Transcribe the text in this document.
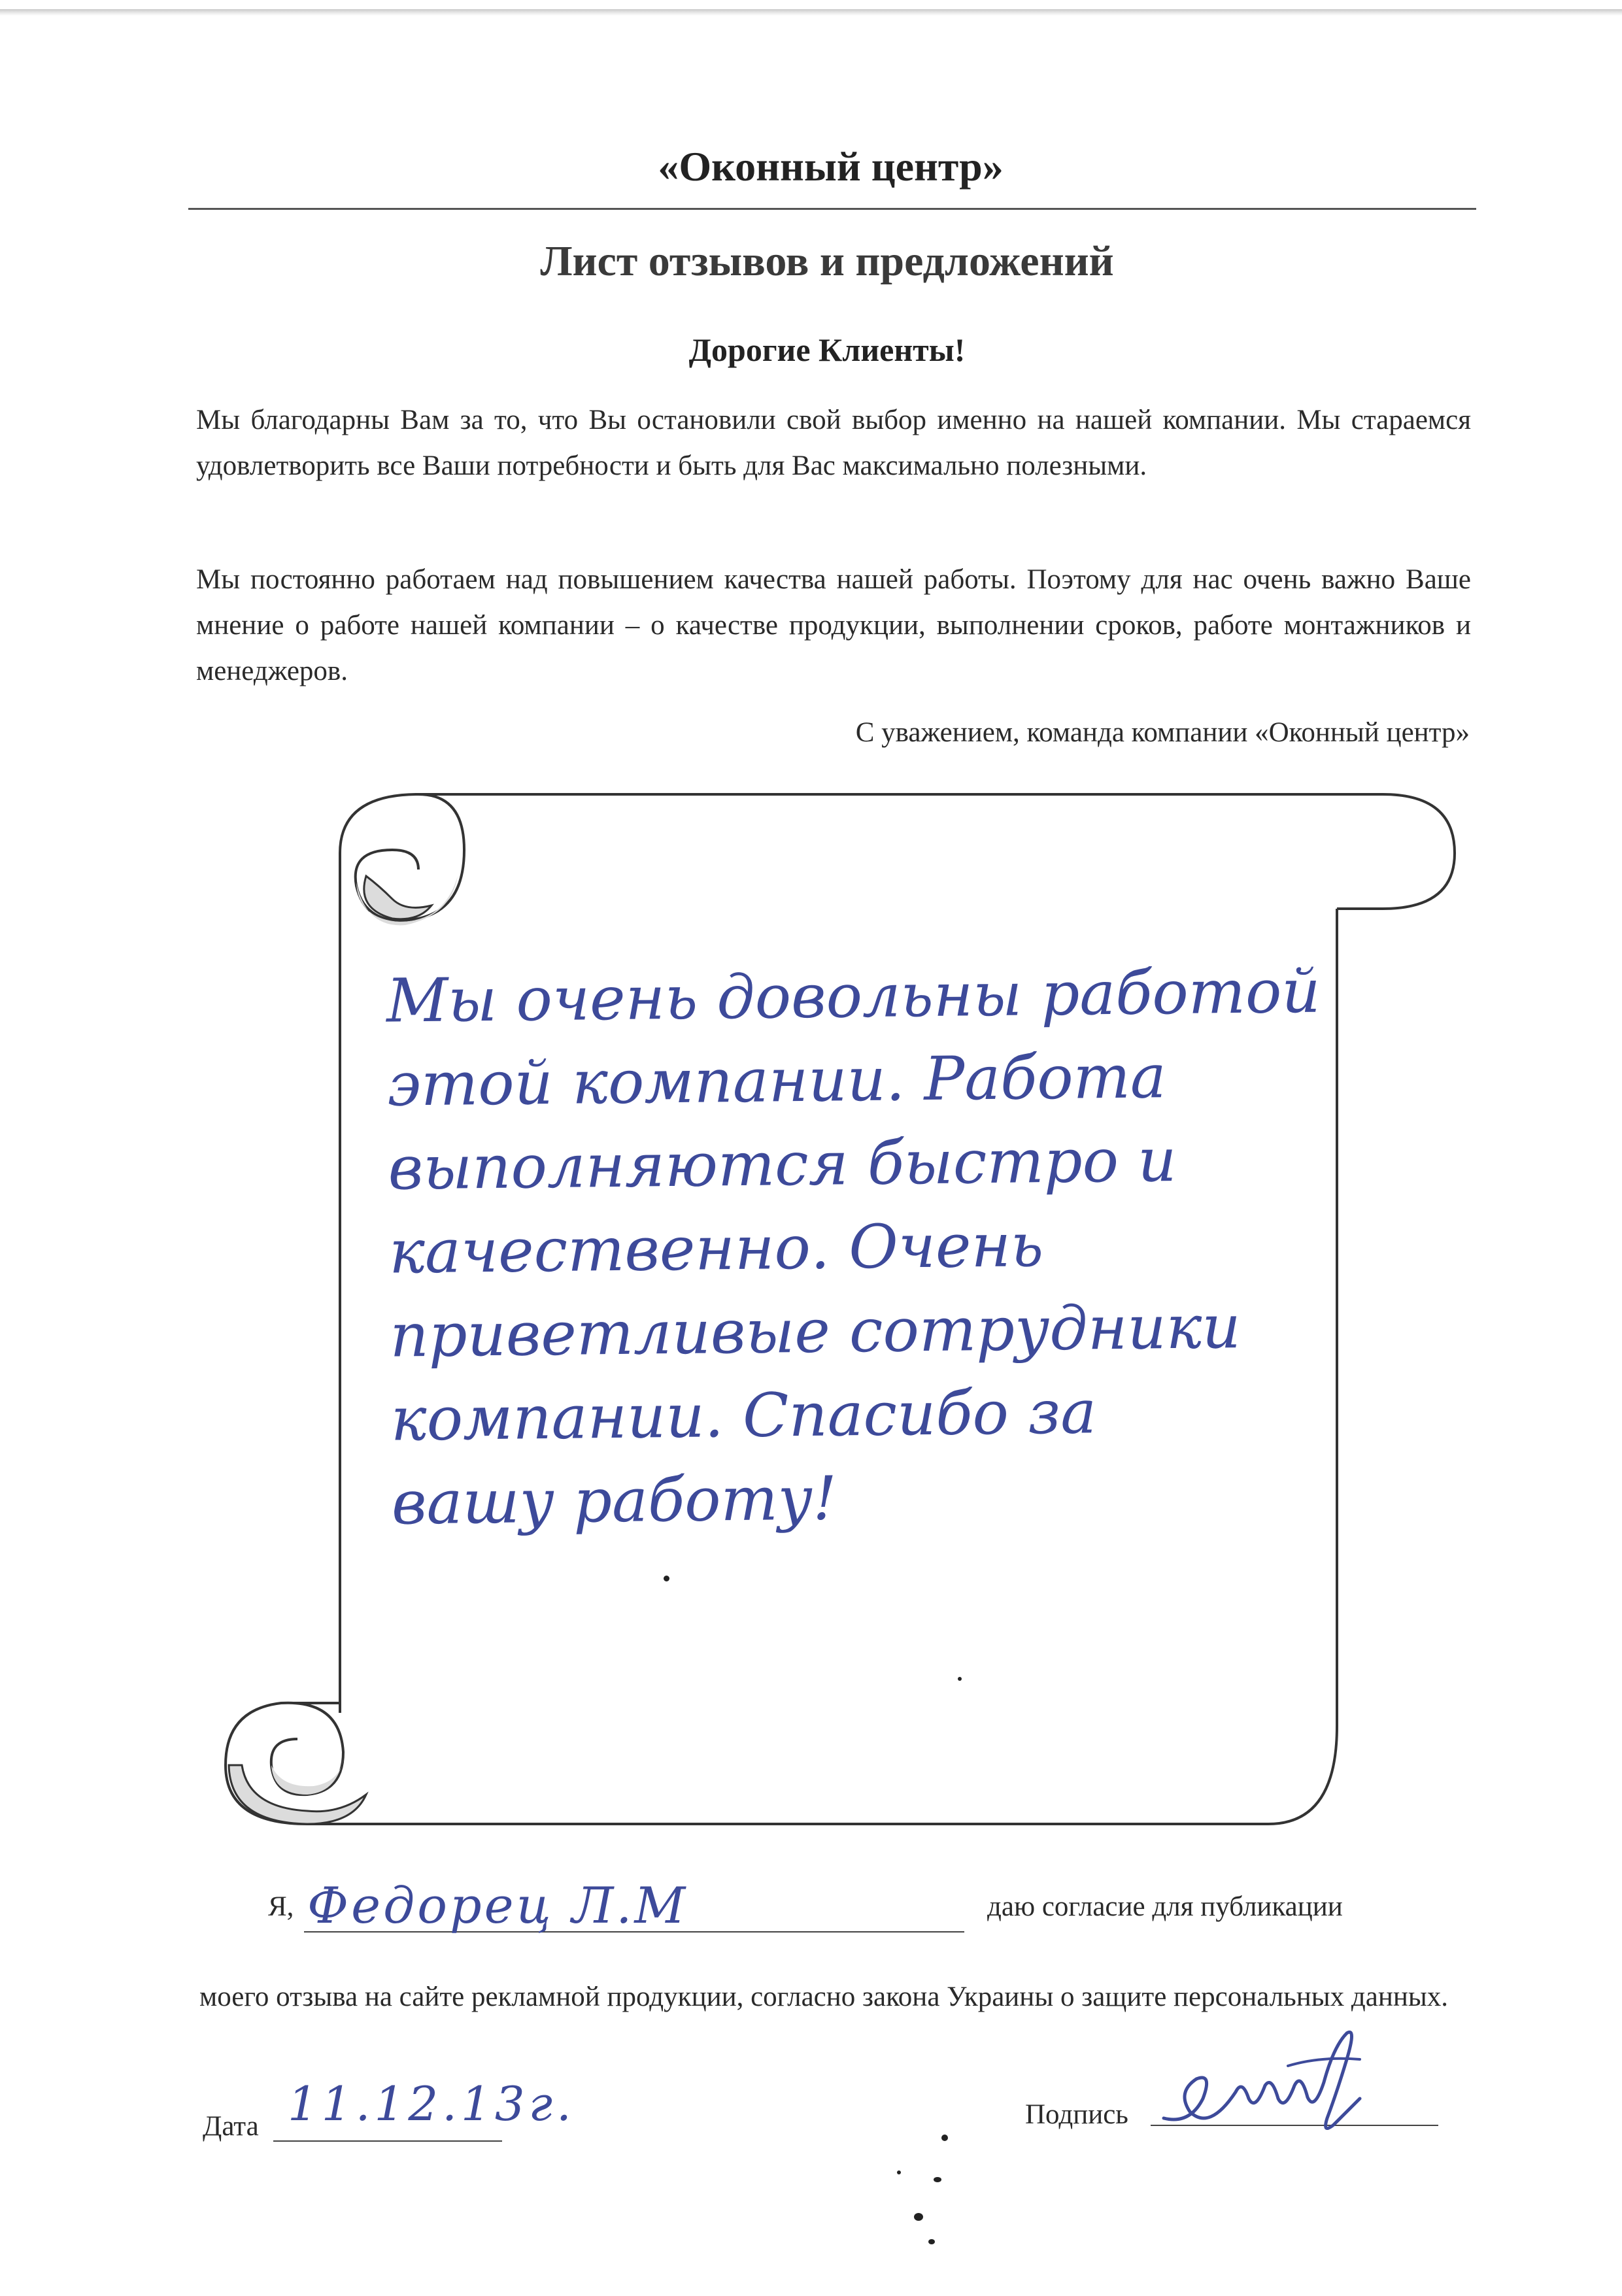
«Оконный центр»
Лист отзывов и предложений
Дорогие Клиенты!
Мы благодарны Вам за то, что Вы остановили свой выбор именно на нашей компании. Мы стараемся удовлетворить все Ваши потребности и быть для Вас максимально полезными.
Мы постоянно работаем над повышением качества нашей работы. Поэтому для нас очень важно Ваше мнение о работе нашей компании – о качестве продукции, выполнении сроков, работе монтажников и менеджеров.
С уважением, команда компании «Оконный центр»
Мы очень довольны работой
этой компании. Работа
выполняются быстро и
качественно. Очень
приветливые сотрудники
компании. Спасибо за
вашу работу!
Я, Федорец Л.М	даю согласие для публикации
моего отзыва на сайте рекламной продукции, согласно закона Украины о защите персональных данных.
Дата 11.12.13г.	Подпись
